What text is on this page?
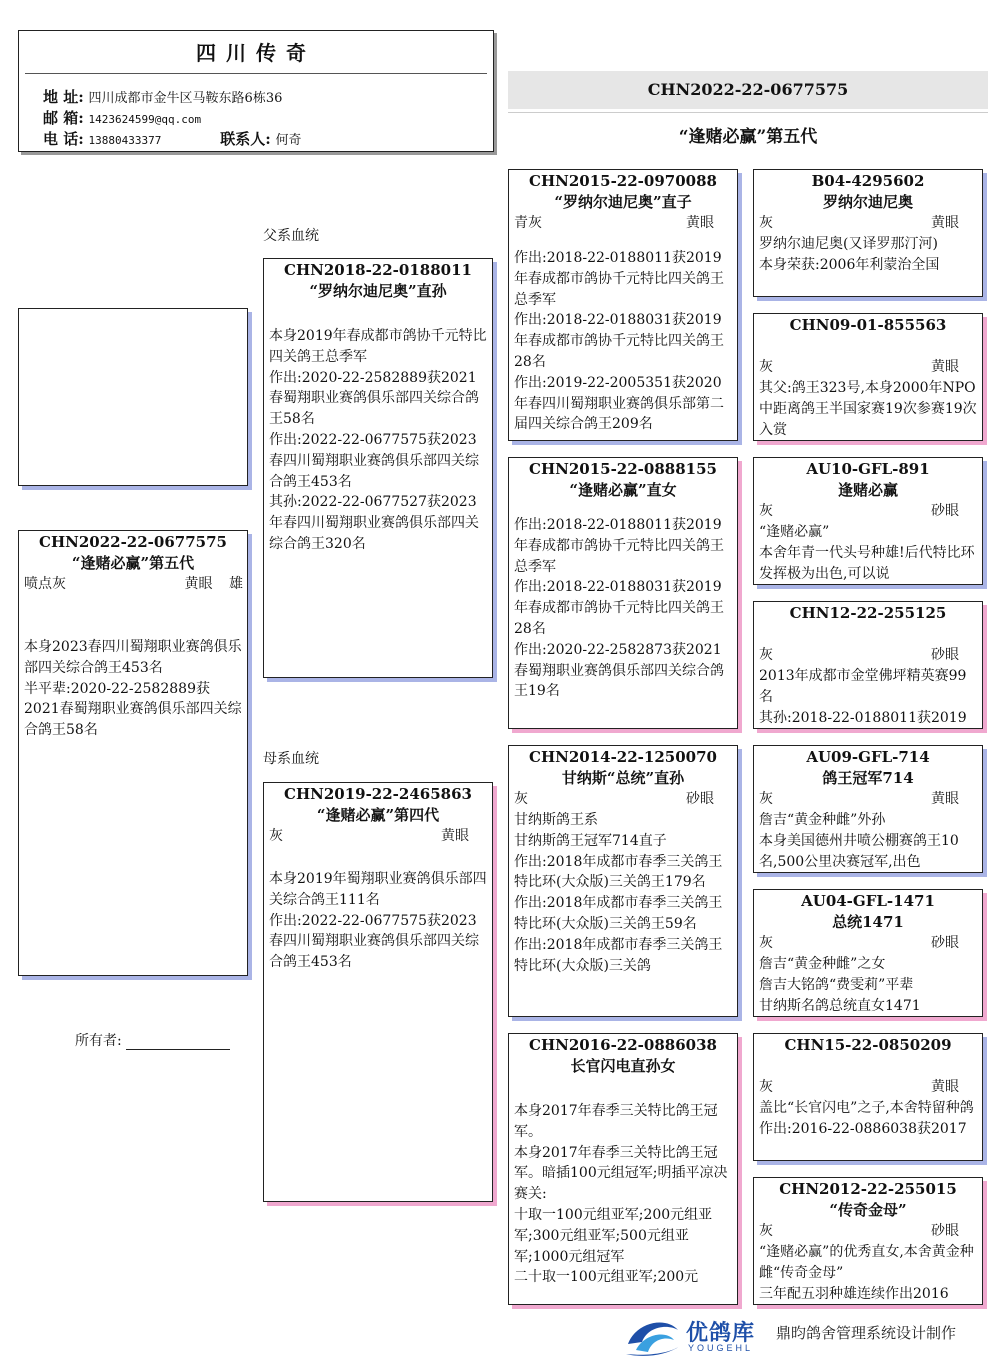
四川传奇
地 址: 四川成都市金牛区马鞍东路6栋36
邮 箱: 1423624599@qq.com
电 话: 13880433377	联系人: 何奇
CHN2022-22-0677575
“逢赌必赢”第五代
CHN2022-22-0677575
“逢赌必赢”第五代
喷点灰	黄眼 雄
本身2023春四川蜀翔职业赛鸽俱乐部四关综合鸽王453名
半平辈:2020-22-2582889获2021春蜀翔职业赛鸽俱乐部四关综合鸽王58名
所有者:
父系血统
母系血统
CHN2018-22-0188011
“罗纳尔迪尼奥”直孙
本身2019年春成都市鸽协千元特比四关鸽王总季军
作出:2020-22-2582889获2021春蜀翔职业赛鸽俱乐部四关综合鸽王58名
作出:2022-22-0677575获2023春四川蜀翔职业赛鸽俱乐部四关综合鸽王453名
其孙:2022-22-0677527获2023年春四川蜀翔职业赛鸽俱乐部四关综合鸽王320名
CHN2019-22-2465863
“逢赌必赢”第四代
灰	黄眼
本身2019年蜀翔职业赛鸽俱乐部四关综合鸽王111名
作出:2022-22-0677575获2023春四川蜀翔职业赛鸽俱乐部四关综合鸽王453名
CHN2015-22-0970088
“罗纳尔迪尼奥”直子
青灰	黄眼
作出:2018-22-0188011获2019年春成都市鸽协千元特比四关鸽王总季军
作出:2018-22-0188031获2019年春成都市鸽协千元特比四关鸽王28名
作出:2019-22-2005351获2020年春四川蜀翔职业赛鸽俱乐部第二届四关综合鸽王209名
CHN2015-22-0888155
“逢赌必赢”直女
作出:2018-22-0188011获2019年春成都市鸽协千元特比四关鸽王总季军
作出:2018-22-0188031获2019年春成都市鸽协千元特比四关鸽王28名
作出:2020-22-2582873获2021春蜀翔职业赛鸽俱乐部四关综合鸽王19名
CHN2014-22-1250070
甘纳斯“总统”直孙
灰	砂眼
甘纳斯鸽王系
甘纳斯鸽王冠军714直子
作出:2018年成都市春季三关鸽王特比环(大众版)三关鸽王179名
作出:2018年成都市春季三关鸽王特比环(大众版)三关鸽王59名
作出:2018年成都市春季三关鸽王特比环(大众版)三关鸽
CHN2016-22-0886038
长官闪电直孙女
本身2017年春季三关特比鸽王冠军。
本身2017年春季三关特比鸽王冠军。暗插100元组冠军;明插平凉决赛关:
十取一100元组亚军;200元组亚军;300元组亚军;500元组亚军;1000元组冠军
二十取一100元组亚军;200元
B04-4295602
罗纳尔迪尼奥
灰	黄眼
罗纳尔迪尼奥(又译罗那汀河)
本身荣获:2006年利蒙治全国
CHN09-01-855563
灰	黄眼
其父:鸽王323号,本身2000年NPO中距离鸽王半国家赛19次参赛19次入赏
AU10-GFL-891
逢赌必赢
灰	砂眼
“逢赌必赢”
本舍年青一代头号种雄!后代特比环发挥极为出色,可以说
CHN12-22-255125
灰	砂眼
2013年成都市金堂佛坪精英赛99名
其孙:2018-22-0188011获2019
AU09-GFL-714
鸽王冠军714
灰	黄眼
詹吉“黄金种雌”外孙
本身美国德州井喷公棚赛鸽王10名,500公里决赛冠军,出色
AU04-GFL-1471
总统1471
灰	砂眼
詹吉“黄金种雌”之女
詹吉大铭鸽“费雯莉”平辈
甘纳斯名鸽总统直女1471
CHN15-22-0850209
灰	黄眼
盖比“长官闪电”之子,本舍特留种鸽
作出:2016-22-0886038获2017
CHN2012-22-255015
“传奇金母”
灰	砂眼
“逢赌必赢”的优秀直女,本舍黄金种雌“传奇金母”
三年配五羽种雄连续作出2016
优鸽库
YOUGEHL
鼎昀鸽舍管理系统设计制作
